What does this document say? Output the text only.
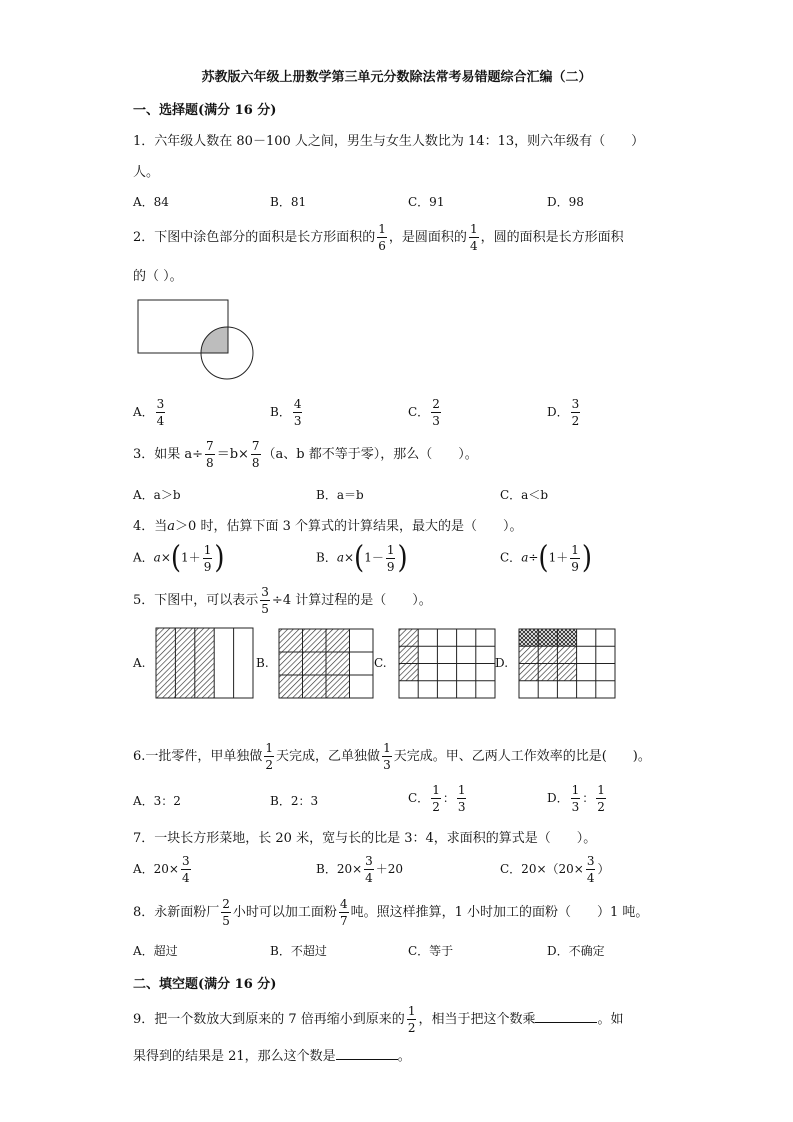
苏教版六年级上册数学第三单元分数除法常考易错题综合汇编（二）
一、选择题(满分 16 分)
1．六年级人数在 80－100 人之间，男生与女生人数比为 14：13，则六年级有（　　）
人。
A．84	B．81	C．91	D．98
2．下图中涂色部分的面积是长方形面积的 $\frac{1}{6}$ ，是圆面积的 $\frac{1}{4}$ ，圆的面积是长方形面积
的（ ）。
A． $\frac{3}{4}$	B． $\frac{4}{3}$	C． $\frac{2}{3}$	D． $\frac{3}{2}$
3．如果 $a\div \frac{7}{8} =b\times \frac{7}{8} (a$、b 都不等于零），那么（　　）。
A．a＞b	B．a＝b	C．a＜b
4．当a＞0 时，估算下面 3 个算式的计算结果，最大的是（　　）。
A．$a\times(1+ \frac{1}{9}$ )	B．$a\times(1- \frac{1}{9}$ )	C．$a\div(1+ \frac{1}{9}$ )
5．下图中，可以表示 $\frac{3}{5} \div 4$ 计算过程的是（　　）。
A.	B.	C.	D.
6.一批零件，甲单独做 $\frac{1}{2}$ 天完成，乙单独做 $\frac{1}{3}$ 天完成。甲、乙两人工作效率的比是(　　)。
A．3：2	B．2：3	C． $\frac{1}{2}$ ： $\frac{1}{3}$	D． $\frac{1}{3}$ ： $\frac{1}{2}$
7．一块长方形菜地，长 20 米，宽与长的比是 3：4，求面积的算式是（　　）。
A．$20\times \frac{3}{4}$	B．$20\times \frac{3}{4} +20$	C．$20\times(20\times \frac{3}{4}$ ）
8．永新面粉厂 $\frac{2}{5}$ 小时可以加工面粉 $\frac{4}{7}$ 吨。照这样推算，1 小时加工的面粉（　　）1 吨。
A．超过	B．不超过	C．等于	D．不确定
二、填空题(满分 16 分)
9．把一个数放大到原来的 7 倍再缩小到原来的 $\frac{1}{2}$ ，相当于把这个数乘	。如
果得到的结果是 21，那么这个数是	。
